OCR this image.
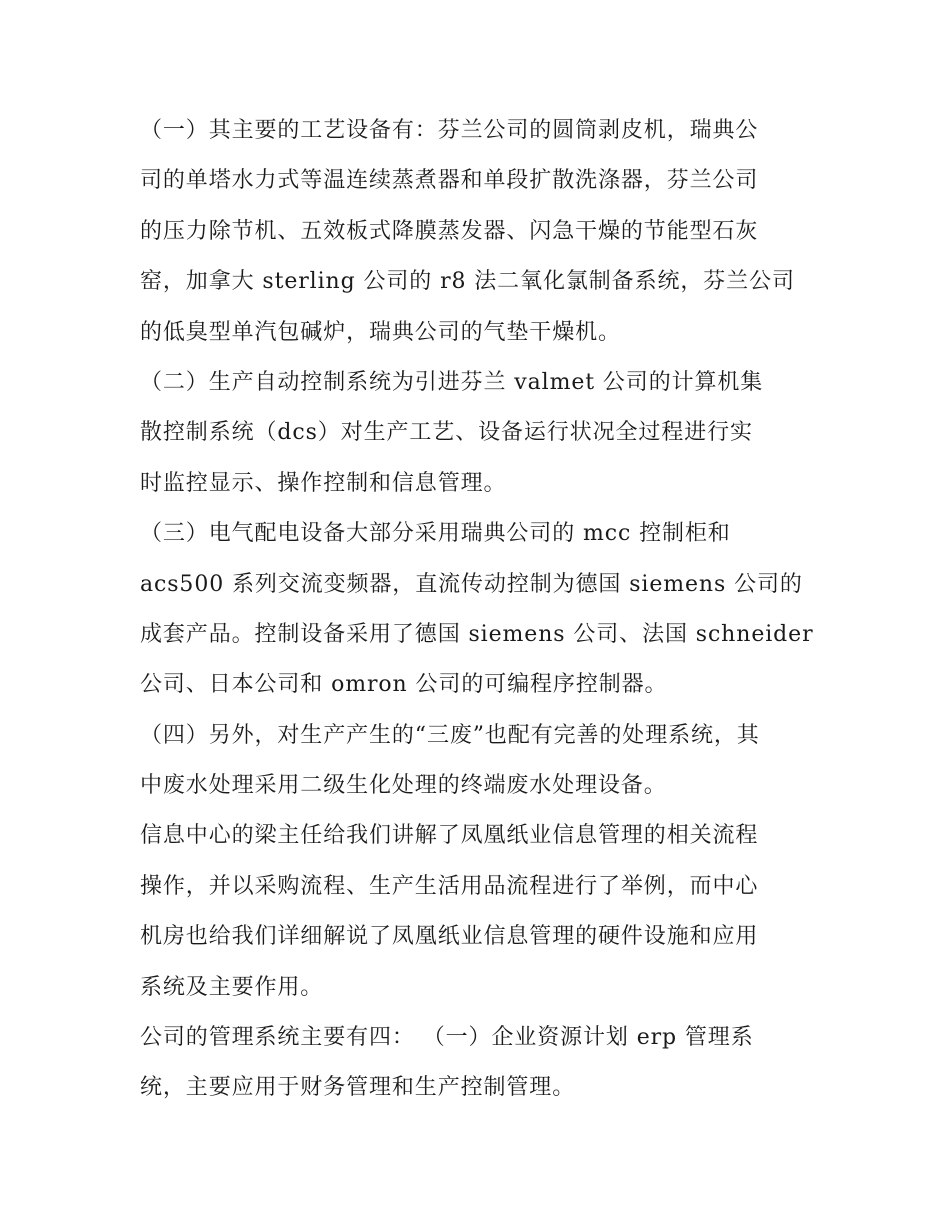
（一）其主要的工艺设备有：芬兰公司的圆筒剥皮机，瑞典公
司的单塔水力式等温连续蒸煮器和单段扩散洗涤器，芬兰公司
的压力除节机、五效板式降膜蒸发器、闪急干燥的节能型石灰
窑，加拿大 sterling 公司的 r8 法二氧化氯制备系统，芬兰公司
的低臭型单汽包碱炉，瑞典公司的气垫干燥机。
（二）生产自动控制系统为引进芬兰 valmet 公司的计算机集
散控制系统（dcs）对生产工艺、设备运行状况全过程进行实
时监控显示、操作控制和信息管理。
（三）电气配电设备大部分采用瑞典公司的 mcc 控制柜和
acs500 系列交流变频器，直流传动控制为德国 siemens 公司的
成套产品。控制设备采用了德国 siemens 公司、法国 schneider
公司、日本公司和 omron 公司的可编程序控制器。
（四）另外，对生产产生的“三废”也配有完善的处理系统，其
中废水处理采用二级生化处理的终端废水处理设备。
信息中心的梁主任给我们讲解了凤凰纸业信息管理的相关流程
操作，并以采购流程、生产生活用品流程进行了举例，而中心
机房也给我们详细解说了凤凰纸业信息管理的硬件设施和应用
系统及主要作用。
公司的管理系统主要有四： （一）企业资源计划 erp 管理系
统，主要应用于财务管理和生产控制管理。
